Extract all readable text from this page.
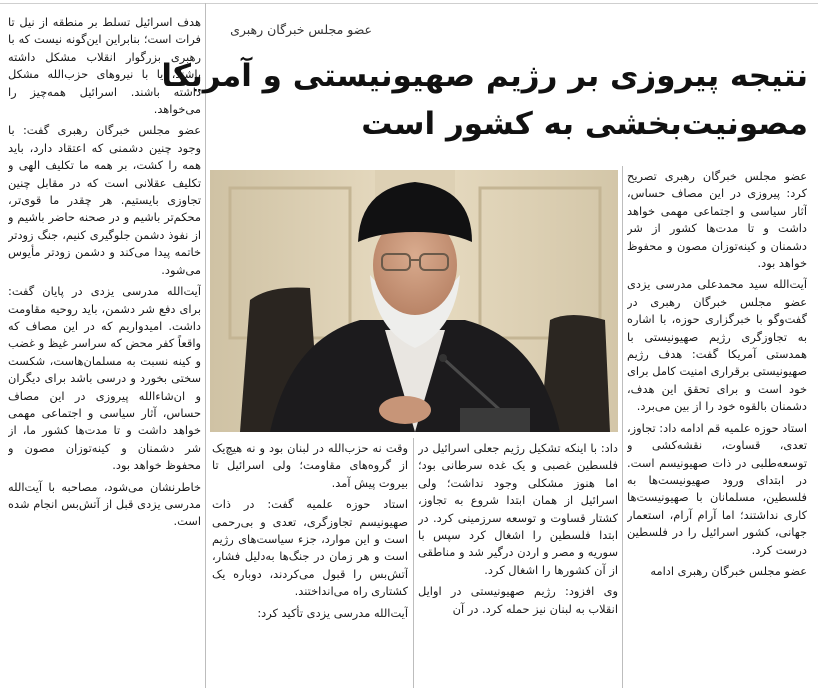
عضو مجلس خبرگان رهبری
نتیجه پیروزی بر رژیم صهیونیستی و آمریکا
مصونیت‌بخشی به کشور است

عضو مجلس خبرگان رهبری تصریح کرد: پیروزی در این مصاف حساس، آثار سیاسی و اجتماعی مهمی خواهد داشت و تا مدت‌ها کشور از شر دشمنان و کینه‌توزان مصون و محفوظ خواهد بود.

آیت‌الله سید محمدعلی مدرسی یزدی عضو مجلس خبرگان رهبری در گفت‌وگو با خبرگزاری حوزه، با اشاره به تجاوزگری رژیم صهیونیستی با همدستی آمریکا گفت: هدف رژیم صهیونیستی برقراری امنیت کامل برای خود است و برای تحقق این هدف، دشمنان بالقوه خود را از بین می‌برد.

استاد حوزه علمیه قم ادامه داد: تجاوز، تعدی، قساوت، نقشه‌کشی و توسعه‌طلبی در ذات صهیونیسم است. در ابتدای ورود صهیونیست‌ها به فلسطین، مسلمانان با صهیونیست‌ها کاری نداشتند؛ اما آرام آرام، استعمار جهانی، کشور اسرائیل را در فلسطین درست کرد.

عضو مجلس خبرگان رهبری ادامه

داد: با اینکه تشکیل رژیم جعلی اسرائیل در فلسطین غصبی و یک غده سرطانی بود؛ اما هنوز مشکلی وجود نداشت؛ ولی اسرائیل از همان ابتدا شروع به تجاوز، کشتار قساوت و توسعه سرزمینی کرد. در ابتدا فلسطین را اشغال کرد سپس با سوریه و مصر و اردن درگیر شد و مناطقی از آن کشورها را اشغال کرد.

وی افزود: رژیم صهیونیستی در اوایل انقلاب به لبنان نیز حمله کرد. در آن

وقت نه حزب‌الله در لبنان بود و نه هیچ‌یک از گروه‌های مقاومت؛ ولی اسرائیل تا بیروت پیش آمد.

استاد حوزه علمیه گفت: در ذات صهیونیسم تجاوزگری، تعدی و بی‌رحمی است و این موارد، جزء سیاست‌های رژیم است و هر زمان در جنگ‌ها به‌دلیل فشار، آتش‌بس را قبول می‌کردند، دوباره یک کشتاری راه می‌انداختند.

آیت‌الله مدرسی یزدی تأکید کرد:

هدف اسرائیل تسلط بر منطقه از نیل تا فرات است؛ بنابراین این‌گونه نیست که با رهبری بزرگوار انقلاب مشکل داشته باشند، یا با نیروهای حزب‌الله مشکل داشته باشند. اسرائیل همه‌چیز را می‌خواهد.

عضو مجلس خبرگان رهبری گفت: با وجود چنین دشمنی که اعتقاد دارد، باید همه را کشت، بر همه ما تکلیف الهی و تکلیف عقلانی است که در مقابل چنین تجاوزی بایستیم. هر چقدر ما قوی‌تر، محکم‌تر باشیم و در صحنه حاضر باشیم و از نفوذ دشمن جلوگیری کنیم، جنگ زودتر خاتمه پیدا می‌کند و دشمن زودتر مأیوس می‌شود.

آیت‌الله مدرسی یزدی در پایان گفت: برای دفع شر دشمن، باید روحیه مقاومت داشت. امیدواریم که در این مصاف که واقعاً کفر محض که سراسر غیظ و غضب و کینه نسبت به مسلمان‌هاست، شکست سختی بخورد و درسی باشد برای دیگران و ان‌شاءالله پیروزی در این مصاف حساس، آثار سیاسی و اجتماعی مهمی خواهد داشت و تا مدت‌ها کشور ما، از شر دشمنان و کینه‌توزان مصون و محفوظ خواهد بود.

خاطرنشان می‌شود، مصاحبه با آیت‌الله مدرسی یزدی قبل از آتش‌بس انجام شده است.
